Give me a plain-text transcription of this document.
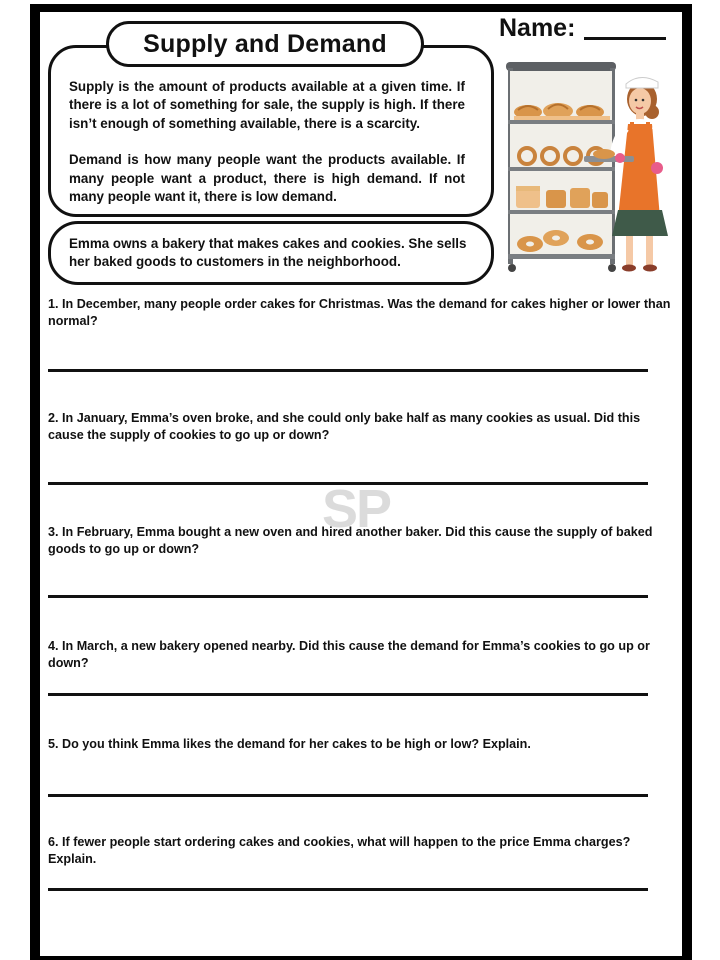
Supply is the amount of products available at a given time. If there is a lot of something for sale, the supply is high. If there isn’t enough of something available, there is a scarcity.

Demand is how many people want the products available. If many people want a product, there is high demand. If not many people want it, there is low demand.

Supply and Demand
Name:

Emma owns a bakery that makes cakes and cookies. She sells her baked goods to customers in the neighborhood.

1. In December, many people order cakes for Christmas. Was the demand for cakes higher or lower than normal?
2. In January, Emma’s oven broke, and she could only bake half as many cookies as usual. Did this cause the supply of cookies to go up or down?
3. In February, Emma bought a new oven and hired another baker. Did this cause the supply of baked goods to go up or down?
4. In March, a new bakery opened nearby. Did this cause the demand for Emma’s cookies to go up or down?
5. Do you think Emma likes the demand for her cakes to be high or low? Explain.
6. If fewer people start ordering cakes and cookies, what will happen to the price Emma charges? Explain.
SP
